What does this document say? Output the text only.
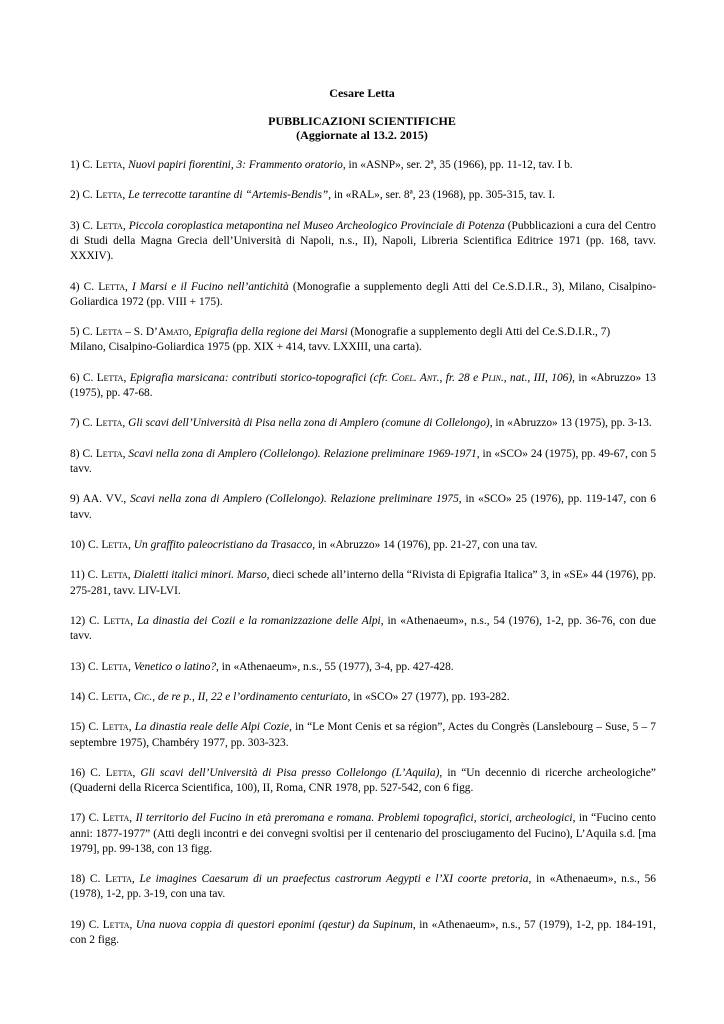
Cesare Letta
PUBBLICAZIONI SCIENTIFICHE
(Aggiornate al 13.2. 2015)

1) C. Letta, Nuovi papiri fiorentini, 3: Frammento oratorio, in «ASNP», ser. 2ª, 35 (1966), pp. 11-12, tav. I b.

2) C. Letta, Le terrecotte tarantine di “Artemis-Bendis”, in «RAL», ser. 8ª, 23 (1968), pp. 305-315, tav. I.

3) C. Letta, Piccola coroplastica metapontina nel Museo Archeologico Provinciale di Potenza (Pubblicazioni a cura del Centro di Studi della Magna Grecia dell’Università di Napoli, n.s., II), Napoli, Libreria Scientifica Editrice 1971 (pp. 168, tavv. XXXIV).

4) C. Letta, I Marsi e il Fucino nell’antichità (Monografie a supplemento degli Atti del Ce.S.D.I.R., 3), Milano, Cisalpino-Goliardica 1972 (pp. VIII + 175).

5) C. Letta – S. D’Amato, Epigrafia della regione dei Marsi (Monografie a supplemento degli Atti del Ce.S.D.I.R., 7)
Milano, Cisalpino-Goliardica 1975 (pp. XIX + 414, tavv. LXXIII, una carta).

6) C. Letta, Epigrafia marsicana: contributi storico-topografici (cfr. Coel. Ant., fr. 28 e Plin., nat., III, 106), in «Abruzzo» 13 (1975), pp. 47-68.

7) C. Letta, Gli scavi dell’Università di Pisa nella zona di Amplero (comune di Collelongo), in «Abruzzo» 13 (1975), pp. 3-13.

8) C. Letta, Scavi nella zona di Amplero (Collelongo). Relazione preliminare 1969-1971, in «SCO» 24 (1975), pp. 49-67, con 5 tavv.

9) AA. VV., Scavi nella zona di Amplero (Collelongo). Relazione preliminare 1975, in «SCO» 25 (1976), pp. 119-147, con 6 tavv.

10) C. Letta, Un graffito paleocristiano da Trasacco, in «Abruzzo» 14 (1976), pp. 21-27, con una tav.

11) C. Letta, Dialetti italici minori. Marso, dieci schede all’interno della “Rivista di Epigrafia Italica” 3, in «SE» 44 (1976), pp. 275-281, tavv. LIV-LVI.

12) C. Letta, La dinastia dei Cozii e la romanizzazione delle Alpi, in «Athenaeum», n.s., 54 (1976), 1-2, pp. 36-76, con due tavv.

13) C. Letta, Venetico o latino?, in «Athenaeum», n.s., 55 (1977), 3-4, pp. 427-428.

14) C. Letta, Cic., de re p., II, 22 e l’ordinamento centuriato, in «SCO» 27 (1977), pp. 193-282.

15) C. Letta, La dinastia reale delle Alpi Cozie, in “Le Mont Cenis et sa région”, Actes du Congrès (Lanslebourg – Suse, 5 – 7 septembre 1975), Chambéry 1977, pp. 303-323.

16) C. Letta, Gli scavi dell’Università di Pisa presso Collelongo (L’Aquila), in “Un decennio di ricerche archeologiche” (Quaderni della Ricerca Scientifica, 100), II, Roma, CNR 1978, pp. 527-542, con 6 figg.

17) C. Letta, Il territorio del Fucino in età preromana e romana. Problemi topografici, storici, archeologici, in “Fucino cento anni: 1877-1977” (Atti degli incontri e dei convegni svoltisi per il centenario del prosciugamento del Fucino), L’Aquila s.d. [ma 1979], pp. 99-138, con 13 figg.

18) C. Letta, Le imagines Caesarum di un praefectus castrorum Aegypti e l’XI coorte pretoria, in «Athenaeum», n.s., 56 (1978), 1-2, pp. 3-19, con una tav.

19) C. Letta, Una nuova coppia di questori eponimi (qestur) da Supinum, in «Athenaeum», n.s., 57 (1979), 1-2, pp. 184-191, con 2 figg.
